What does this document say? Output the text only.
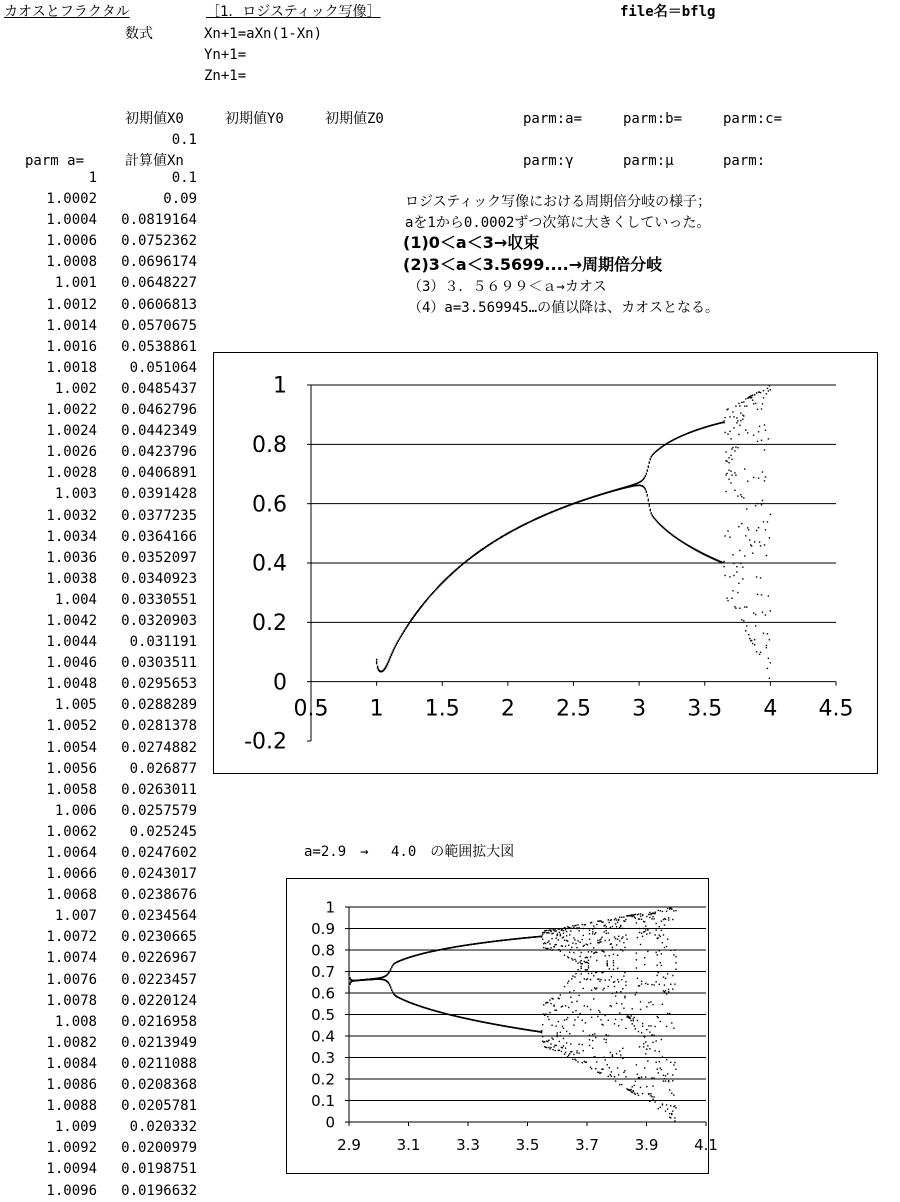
カオスとフラクタル	［1．ロジスティック写像］	file名＝bflg
数式	Xn+1=aXn(1-Xn)
Yn+1=
Zn+1=
初期値X0	初期値Y0	初期値Z0	parm:a=	parm:b=	parm:c=
0.1
parm a=	計算値Xn	parm:γ	parm:μ	parm:
ロジスティック写像における周期倍分岐の様子；
aを1から0.0002ずつ次第に大きくしていった。
(1)0＜a＜3→収束
(2)3＜a＜3.5699....→周期倍分岐
（3）３．５６９９＜ａ→カオス
（4）a=3.569945…の値以降は、カオスとなる。
1	0.1
1.0002	0.09
1.0004 0.0819164
1.0006 0.0752362
1.0008 0.0696174
1.001 0.0648227
1.0012 0.0606813
1.0014 0.0570675
1.0016 0.0538861
1.0018 0.051064
1.002 0.0485437
1.0022 0.0462796
1.0024 0.0442349
1.0026 0.0423796
1.0028 0.0406891
1.003 0.0391428
1.0032 0.0377235
1.0034 0.0364166
1.0036 0.0352097
1.0038 0.0340923
1.004 0.0330551
1.0042 0.0320903
1.0044 0.031191
1.0046 0.0303511
1.0048 0.0295653
1.005 0.0288289
1.0052 0.0281378
1.0054 0.0274882
1.0056 0.026877
1.0058 0.0263011
1.006 0.0257579
1.0062 0.025245
1.0064 0.0247602
1.0066 0.0243017
1.0068 0.0238676
1.007 0.0234564
1.0072 0.0230665
1.0074 0.0226967
1.0076 0.0223457
1.0078 0.0220124
1.008 0.0216958
1.0082 0.0213949
1.0084 0.0211088
1.0086 0.0208368
1.0088 0.0205781
1.009 0.020332
1.0092 0.0200979
1.0094 0.0198751
1.0096 0.0196632
1
0.8
0.6
0.4
0.2
0
-0.2
0.5 1 1.5 2 2.5 3 3.5 4 4.5
a=2.9　→　 4.0　の範囲拡大図
1
0.9
0.8
0.7
0.6
0.5
0.4
0.3
0.2
0.1
0
2.9 3.1 3.3 3.5 3.7 3.9 4.1
